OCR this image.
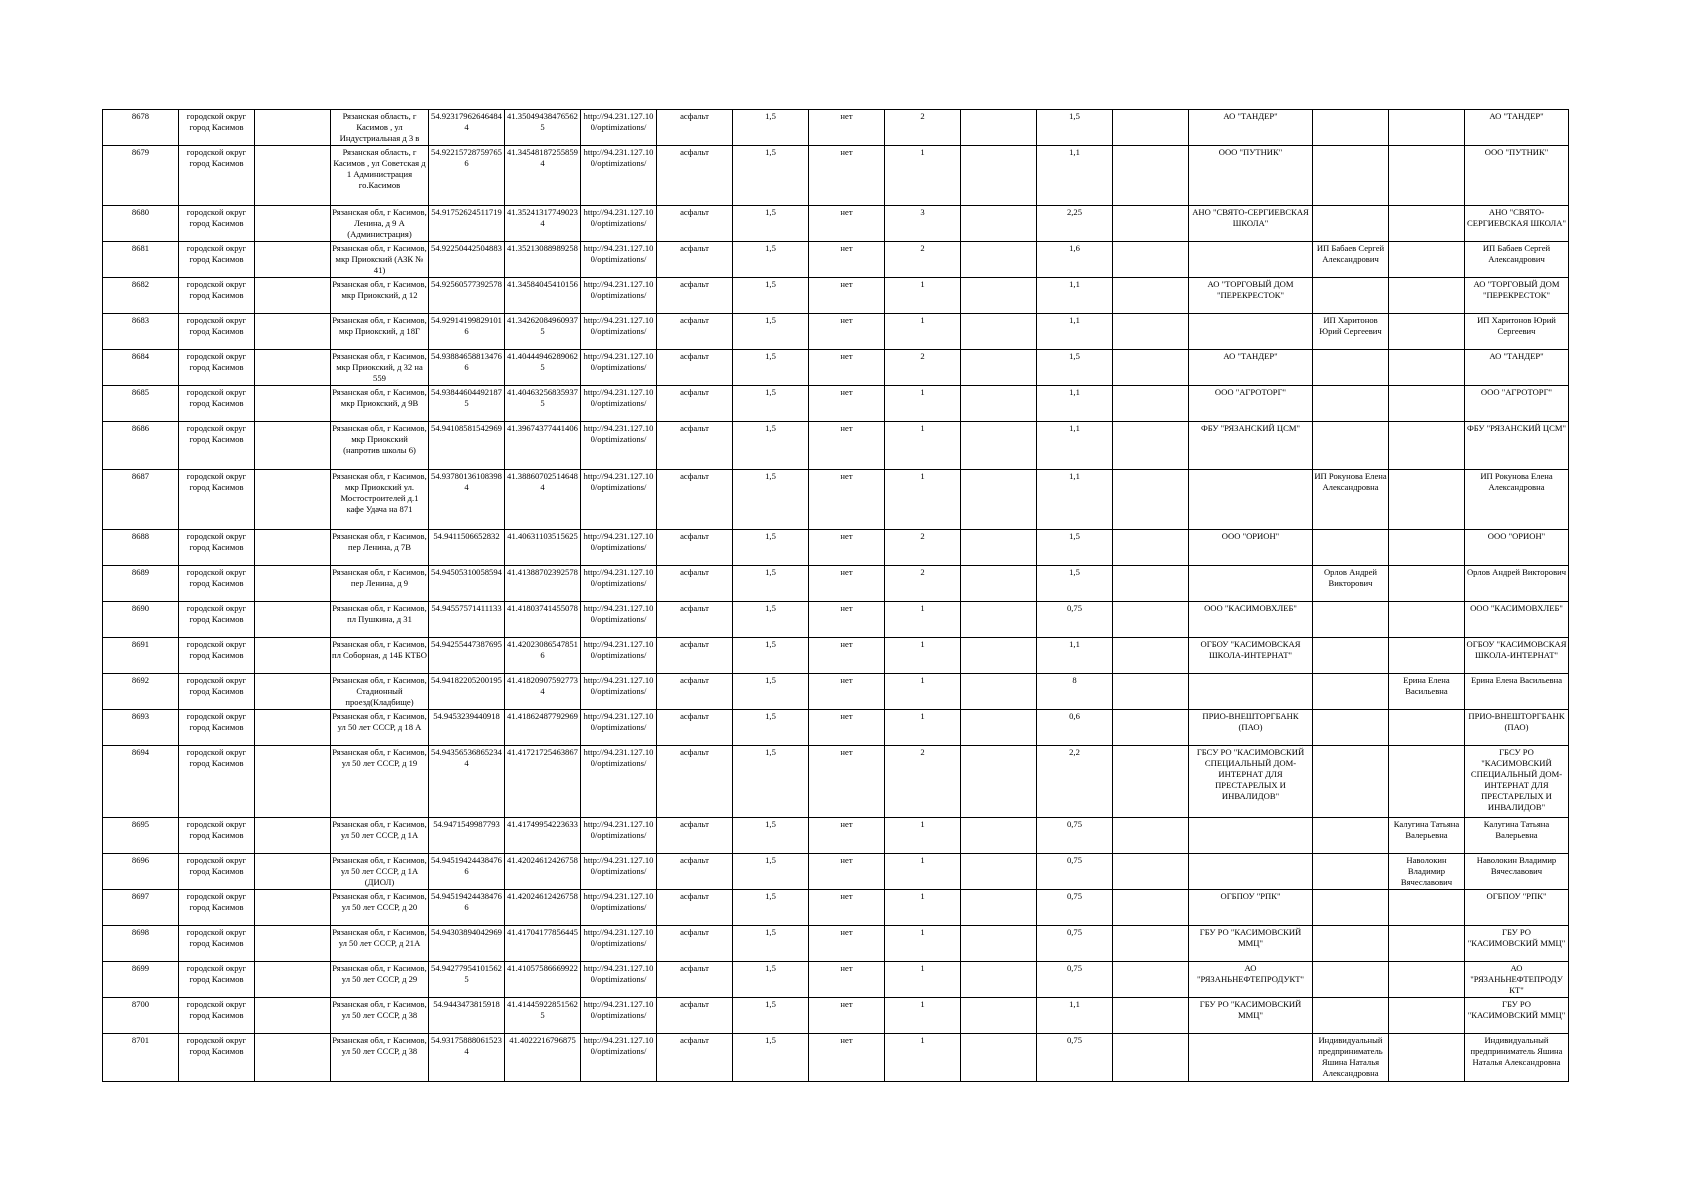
8678	городской округ город Касимов		Рязанская область, г Касимов , ул Индустриальная д 3 в	54.92317962646484 4	41.35049438476562 5	http://94.231.127.10 0/optimizations/	асфальт	1,5	нет	2		1,5		АО "ТАНДЕР"			АО "ТАНДЕР"
8679	городской округ город Касимов		Рязанская область, г Касимов , ул Советская д 1 Администрация го.Касимов	54.92215728759765 6	41.34548187255859 4	http://94.231.127.10 0/optimizations/	асфальт	1,5	нет	1		1,1		ООО "ПУТНИК"			ООО "ПУТНИК"
8680	городской округ город Касимов		Рязанская обл, г Касимов, Ленина, д 9 А (Администрация)	54.91752624511719	41.35241317749023 4	http://94.231.127.10 0/optimizations/	асфальт	1,5	нет	3		2,25		АНО "СВЯТО-СЕРГИЕВСКАЯ ШКОЛА"			АНО "СВЯТО-СЕРГИЕВСКАЯ ШКОЛА"
8681	городской округ город Касимов		Рязанская обл, г Касимов, мкр Приокский (АЗК № 41)	54.92250442504883	41.35213088989258	http://94.231.127.10 0/optimizations/	асфальт	1,5	нет	2		1,6			ИП Бабаев Сергей Александрович		ИП Бабаев Сергей Александрович
8682	городской округ город Касимов		Рязанская обл, г Касимов, мкр Приокский, д 12	54.92560577392578	41.34584045410156	http://94.231.127.10 0/optimizations/	асфальт	1,5	нет	1		1,1		АО "ТОРГОВЫЙ ДОМ "ПЕРЕКРЕСТОК"			АО "ТОРГОВЫЙ ДОМ "ПЕРЕКРЕСТОК"
8683	городской округ город Касимов		Рязанская обл, г Касимов, мкр Приокский, д 18Г	54.92914199829101 6	41.34262084960937 5	http://94.231.127.10 0/optimizations/	асфальт	1,5	нет	1		1,1			ИП Харитонов Юрий Сергеевич		ИП Харитонов Юрий Сергеевич
8684	городской округ город Касимов		Рязанская обл, г Касимов, мкр Приокский, д 32 на 559	54.93884658813476 6	41.40444946289062 5	http://94.231.127.10 0/optimizations/	асфальт	1,5	нет	2		1,5		АО "ТАНДЕР"			АО "ТАНДЕР"
8685	городской округ город Касимов		Рязанская обл, г Касимов, мкр Приокский, д 9В	54.93844604492187 5	41.40463256835937 5	http://94.231.127.10 0/optimizations/	асфальт	1,5	нет	1		1,1		ООО "АГРОТОРГ"			ООО "АГРОТОРГ"
8686	городской округ город Касимов		Рязанская обл, г Касимов, мкр Приокский (напротив школы 6)	54.94108581542969	41.39674377441406	http://94.231.127.10 0/optimizations/	асфальт	1,5	нет	1		1,1		ФБУ "РЯЗАНСКИЙ ЦСМ"			ФБУ "РЯЗАНСКИЙ ЦСМ"
8687	городской округ город Касимов		Рязанская обл, г Касимов, мкр Приокский ул. Мостостроителей д.1 кафе Удача на 871	54.93780136108398 4	41.38860702514648 4	http://94.231.127.10 0/optimizations/	асфальт	1,5	нет	1		1,1			ИП Рокунова Елена Александровна		ИП Рокунова Елена Александровна
8688	городской округ город Касимов		Рязанская обл, г Касимов, пер Ленина, д 7В	54.9411506652832	41.40631103515625	http://94.231.127.10 0/optimizations/	асфальт	1,5	нет	2		1,5		ООО "ОРИОН"			ООО "ОРИОН"
8689	городской округ город Касимов		Рязанская обл, г Касимов, пер Ленина, д 9	54.94505310058594	41.41388702392578	http://94.231.127.10 0/optimizations/	асфальт	1,5	нет	2		1,5			Орлов Андрей Викторович		Орлов Андрей Викторович
8690	городской округ город Касимов		Рязанская обл, г Касимов, пл Пушкина, д 31	54.94557571411133	41.41803741455078	http://94.231.127.10 0/optimizations/	асфальт	1,5	нет	1		0,75		ООО "КАСИМОВХЛЕБ"			ООО "КАСИМОВХЛЕБ"
8691	городской округ город Касимов		Рязанская обл, г Касимов, пл Соборная, д 14Б КТБО	54.94255447387695	41.42023086547851 6	http://94.231.127.10 0/optimizations/	асфальт	1,5	нет	1		1,1		ОГБОУ "КАСИМОВСКАЯ ШКОЛА-ИНТЕРНАТ"			ОГБОУ "КАСИМОВСКАЯ ШКОЛА-ИНТЕРНАТ"
8692	городской округ город Касимов		Рязанская обл, г Касимов, Стадионный проезд(Кладбище)	54.94182205200195	41.41820907592773 4	http://94.231.127.10 0/optimizations/	асфальт	1,5	нет	1		8				Ерина Елена Васильевна	Ерина Елена Васильевна
8693	городской округ город Касимов		Рязанская обл, г Касимов, ул 50 лет СССР, д 18 А	54.9453239440918	41.41862487792969	http://94.231.127.10 0/optimizations/	асфальт	1,5	нет	1		0,6		ПРИО-ВНЕШТОРГБАНК (ПАО)			ПРИО-ВНЕШТОРГБАНК (ПАО)
8694	городской округ город Касимов		Рязанская обл, г Касимов, ул 50 лет СССР, д 19	54.94356536865234 4	41.41721725463867	http://94.231.127.10 0/optimizations/	асфальт	1,5	нет	2		2,2		ГБСУ РО "КАСИМОВСКИЙ СПЕЦИАЛЬНЫЙ ДОМ-ИНТЕРНАТ ДЛЯ ПРЕСТАРЕЛЫХ И ИНВАЛИДОВ"			ГБСУ РО "КАСИМОВСКИЙ СПЕЦИАЛЬНЫЙ ДОМ-ИНТЕРНАТ ДЛЯ ПРЕСТАРЕЛЫХ И ИНВАЛИДОВ"
8695	городской округ город Касимов		Рязанская обл, г Касимов, ул 50 лет СССР, д 1А	54.9471549987793	41.41749954223633	http://94.231.127.10 0/optimizations/	асфальт	1,5	нет	1		0,75				Калугина Татьяна Валерьевна	Калугина Татьяна Валерьевна
8696	городской округ город Касимов		Рязанская обл, г Касимов, ул 50 лет СССР, д 1А (ДИОЛ)	54.94519424438476 6	41.42024612426758	http://94.231.127.10 0/optimizations/	асфальт	1,5	нет	1		0,75				Наволокин Владимир Вячеславович	Наволокин Владимир Вячеславович
8697	городской округ город Касимов		Рязанская обл, г Касимов, ул 50 лет СССР, д 20	54.94519424438476 6	41.42024612426758	http://94.231.127.10 0/optimizations/	асфальт	1,5	нет	1		0,75		ОГБПОУ "РПК"			ОГБПОУ "РПК"
8698	городской округ город Касимов		Рязанская обл, г Касимов, ул 50 лет СССР, д 21А	54.94303894042969	41.41704177856445	http://94.231.127.10 0/optimizations/	асфальт	1,5	нет	1		0,75		ГБУ РО "КАСИМОВСКИЙ ММЦ"			ГБУ РО "КАСИМОВСКИЙ ММЦ"
8699	городской округ город Касимов		Рязанская обл, г Касимов, ул 50 лет СССР, д 29	54.94277954101562 5	41.41057586669922	http://94.231.127.10 0/optimizations/	асфальт	1,5	нет	1		0,75		АО "РЯЗАНЬНЕФТЕПРОДУКТ"			АО "РЯЗАНЬНЕФТЕПРОДУ КТ"
8700	городской округ город Касимов		Рязанская обл, г Касимов, ул 50 лет СССР, д 38	54.9443473815918	41.41445922851562 5	http://94.231.127.10 0/optimizations/	асфальт	1,5	нет	1		1,1		ГБУ РО "КАСИМОВСКИЙ ММЦ"			ГБУ РО "КАСИМОВСКИЙ ММЦ"
8701	городской округ город Касимов		Рязанская обл, г Касимов, ул 50 лет СССР, д 38	54.93175888061523 4	41.4022216796875	http://94.231.127.10 0/optimizations/	асфальт	1,5	нет	1		0,75			Индивидуальный предприниматель Яшина Наталья Александровна		Индивидуальный предприниматель Яшина Наталья Александровна
